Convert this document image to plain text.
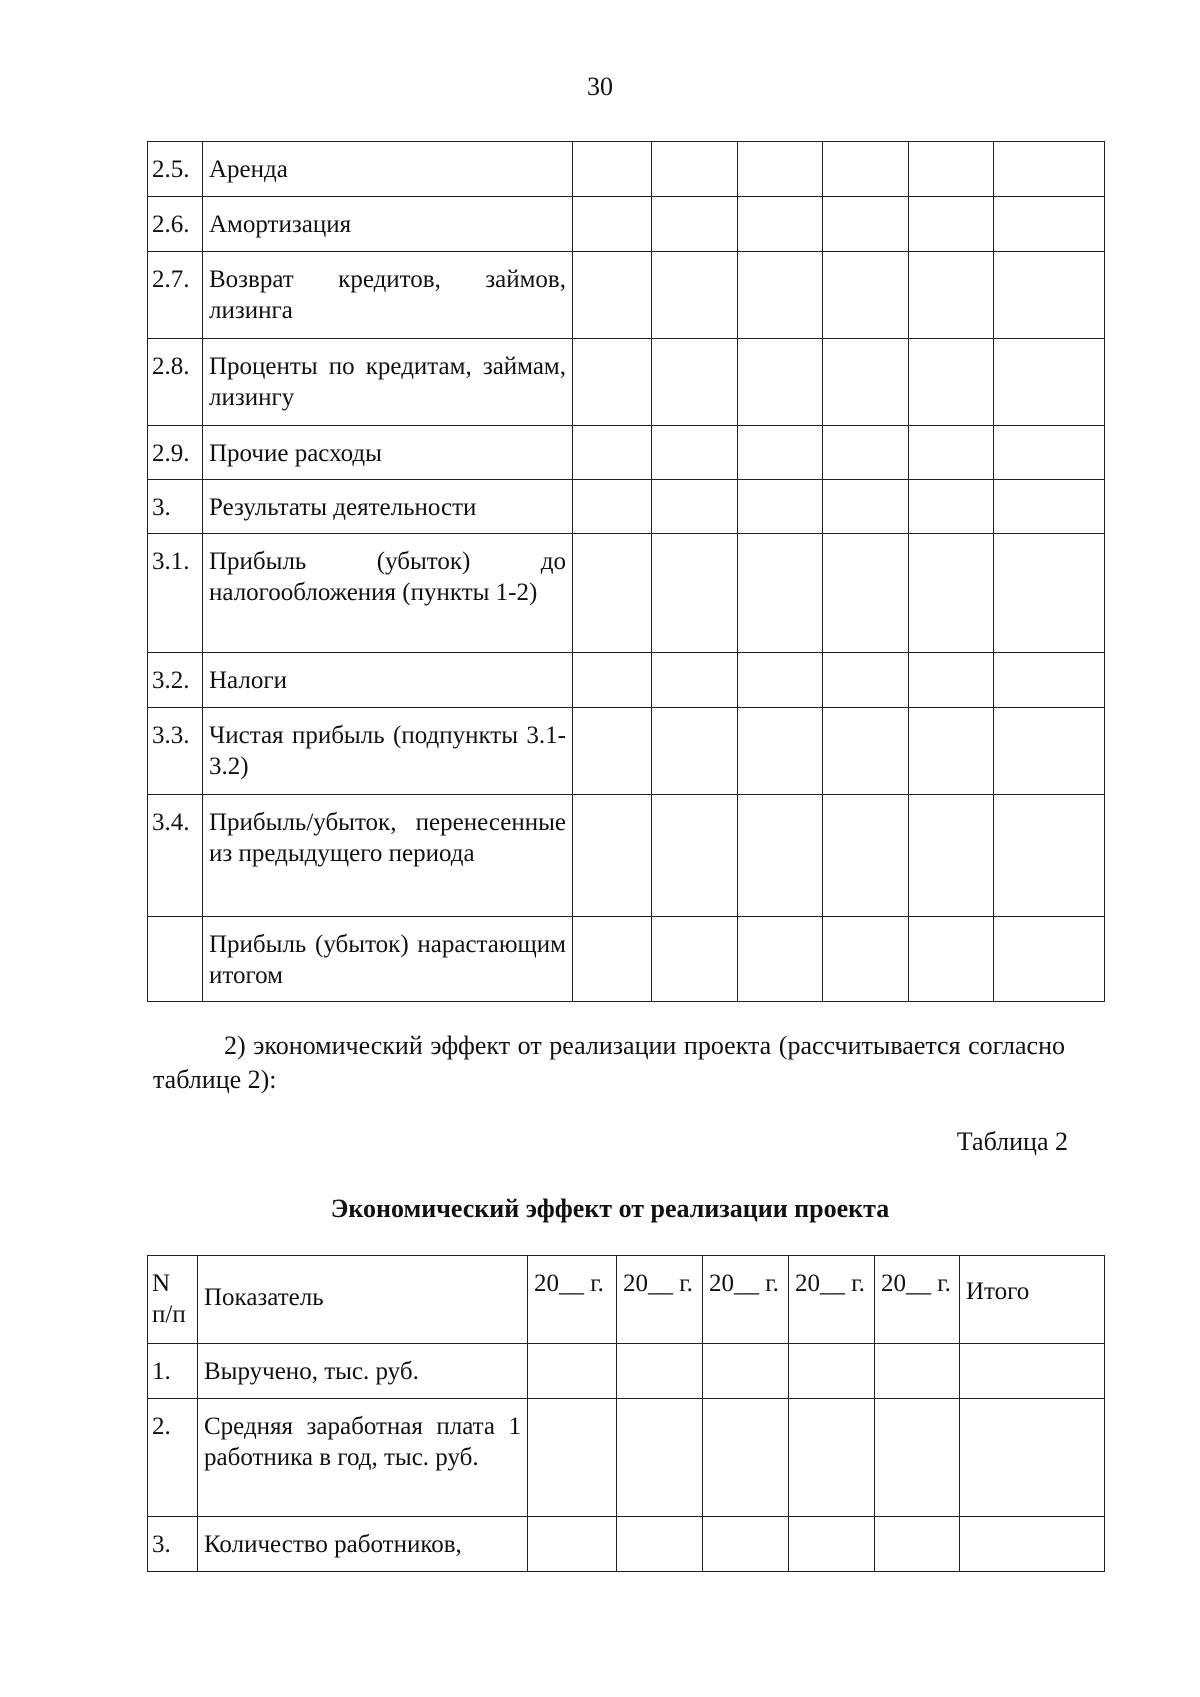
30
2.5.	Аренда						
2.6.	Амортизация						
2.7.	Возврат кредитов, займов, лизинга						
2.8.	Проценты по кредитам, займам, лизингу						
2.9.	Прочие расходы						
3.	Результаты деятельности						
3.1.	Прибыль (убыток) до налогообложения (пункты 1-2)						
3.2.	Налоги						
3.3.	Чистая прибыль (подпункты 3.1-3.2)						
3.4.	Прибыль/убыток, перенесенные из предыдущего периода						
	Прибыль (убыток) нарастающим итогом						

2) экономический эффект от реализации проекта (рассчитывается согласно таблице 2):

Таблица 2
Экономический эффект от реализации проекта
N п/п	Показатель	20__ г.	20__ г.	20__ г.	20__ г.	20__ г.	Итого
1.	Выручено, тыс. руб.						
2.	Средняя заработная плата 1 работника в год, тыс. руб.						
3.	Количество работников,						
